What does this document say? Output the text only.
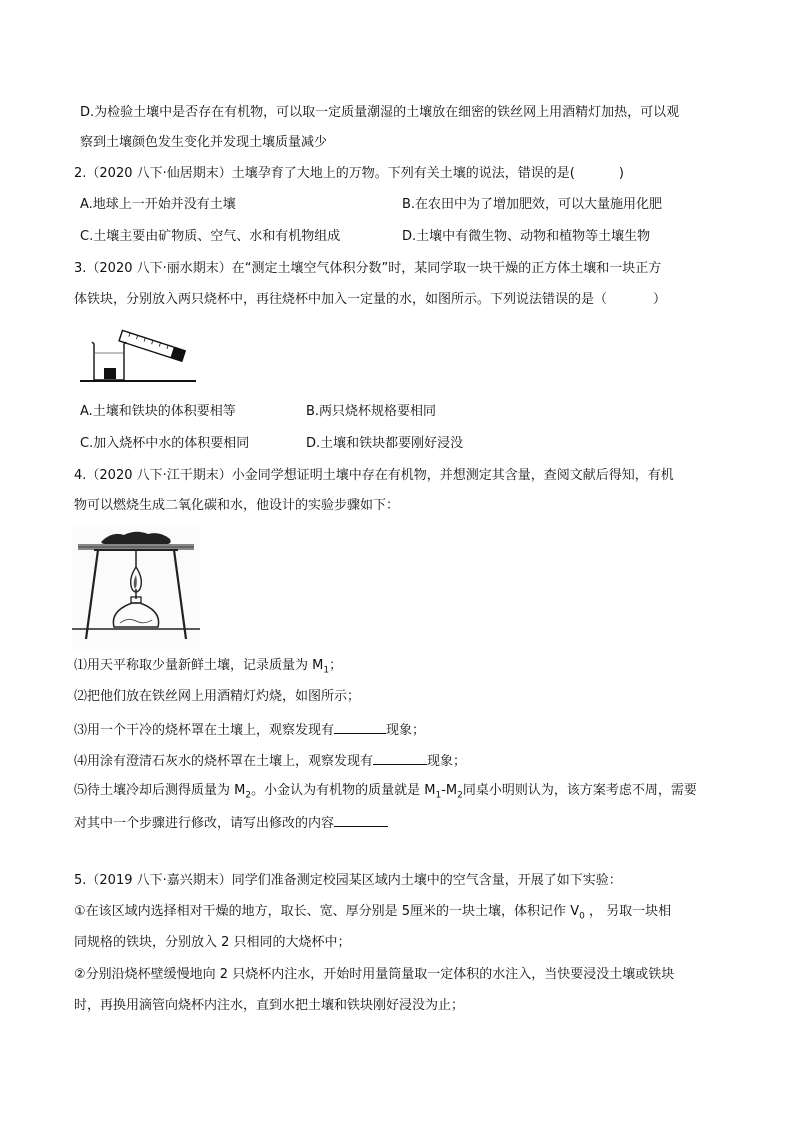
D.为检验土壤中是否存在有机物，可以取一定质量潮湿的土壤放在细密的铁丝网上用酒精灯加热，可以观
察到土壤颜色发生变化并发现土壤质量减少
2.（2020 八下·仙居期末）土壤孕育了大地上的万物。下列有关土壤的说法，错误的是(	)
A.地球上一开始并没有土壤	B.在农田中为了增加肥效，可以大量施用化肥
C.土壤主要由矿物质、空气、水和有机物组成	D.土壤中有微生物、动物和植物等土壤生物
3.（2020 八下·丽水期末）在“测定土壤空气体积分数”时，某同学取一块干燥的正方体土壤和一块正方
体铁块，分别放入两只烧杯中，再往烧杯中加入一定量的水，如图所示。下列说法错误的是（	）
A.土壤和铁块的体积要相等	B.两只烧杯规格要相同
C.加入烧杯中水的体积要相同	D.土壤和铁块都要刚好浸没
4.（2020 八下·江干期末）小金同学想证明土壤中存在有机物，并想测定其含量，查阅文献后得知，有机
物可以燃烧生成二氧化碳和水，他设计的实验步骤如下：
⑴用天平称取少量新鲜土壤，记录质量为 $M_1$；
⑵把他们放在铁丝网上用酒精灯灼烧，如图所示；
⑶用一个干冷的烧杯罩在土壤上，观察发现有	现象；
⑷用涂有澄清石灰水的烧杯罩在土壤上，观察发现有	现象；
⑸待土壤冷却后测得质量为 $M_2$。小金认为有机物的质量就是 $M_1-M_2$同桌小明则认为，该方案考虑不周，需要
对其中一个步骤进行修改，请写出修改的内容
5.（2019 八下·嘉兴期末）同学们准备测定校园某区域内土壤中的空气含量，开展了如下实验：
①在该区域内选择相对干燥的地方，取长、宽、厚分别是 5厘米的一块土壤，体积记作 $V_0$ ， 另取一块相
同规格的铁块，分别放入 2 只相同的大烧杯中；
②分别沿烧杯壁缓慢地向 2 只烧杯内注水，开始时用量筒量取一定体积的水注入，当快要浸没土壤或铁块
时，再换用滴管向烧杯内注水，直到水把土壤和铁块刚好浸没为止；
